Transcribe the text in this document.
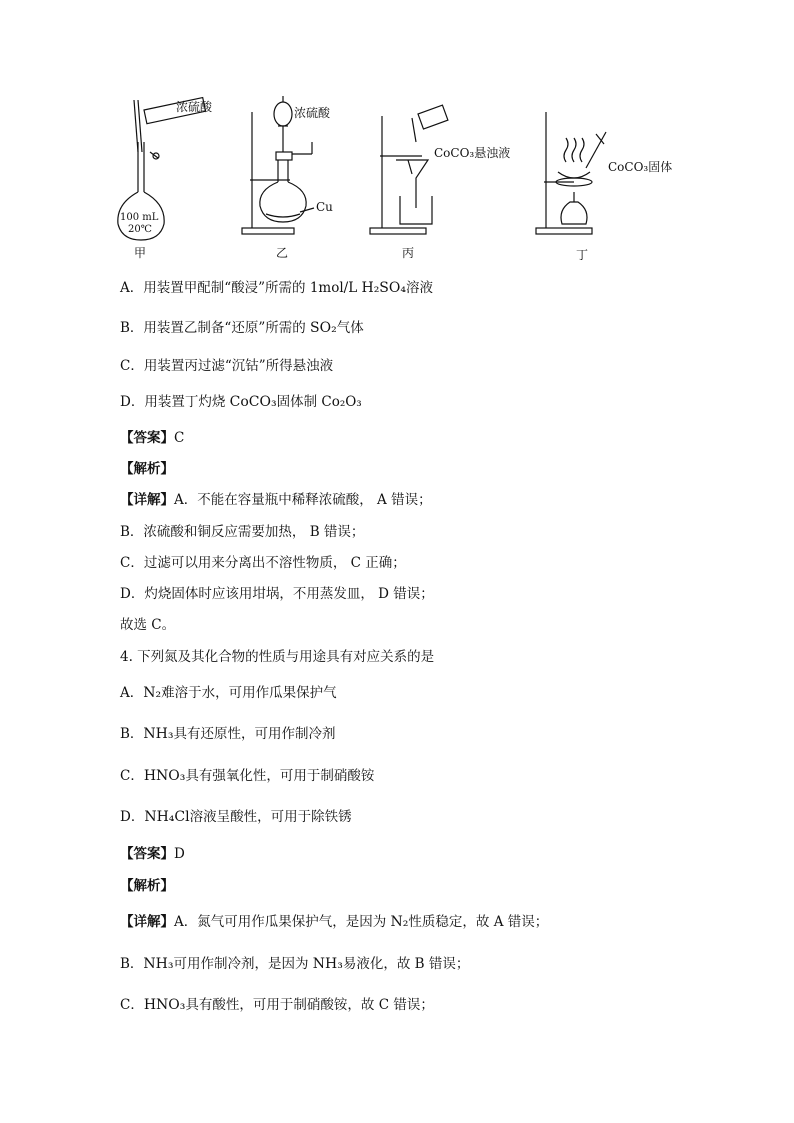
浓硫酸
100 mL
20℃
甲
浓硫酸
Cu
乙
CoCO₃悬浊液
丙
CoCO₃固体
丁
A．用装置甲配制“酸浸”所需的 1mol/L H₂SO₄溶液
B．用装置乙制备“还原”所需的 SO₂气体
C．用装置丙过滤“沉钴”所得悬浊液
D．用装置丁灼烧 CoCO₃固体制 Co₂O₃
【答案】C
【解析】
【详解】A．不能在容量瓶中稀释浓硫酸， A 错误；
B．浓硫酸和铜反应需要加热， B 错误；
C．过滤可以用来分离出不溶性物质， C 正确；
D．灼烧固体时应该用坩埚，不用蒸发皿， D 错误；
故选 C。
4. 下列氮及其化合物的性质与用途具有对应关系的是
A．N₂难溶于水，可用作瓜果保护气
B．NH₃具有还原性，可用作制冷剂
C．HNO₃具有强氧化性，可用于制硝酸铵
D．NH₄Cl溶液呈酸性，可用于除铁锈
【答案】D
【解析】
【详解】A．氮气可用作瓜果保护气，是因为 N₂性质稳定，故 A 错误；
B．NH₃可用作制冷剂，是因为 NH₃易液化，故 B 错误；
C．HNO₃具有酸性，可用于制硝酸铵，故 C 错误；
